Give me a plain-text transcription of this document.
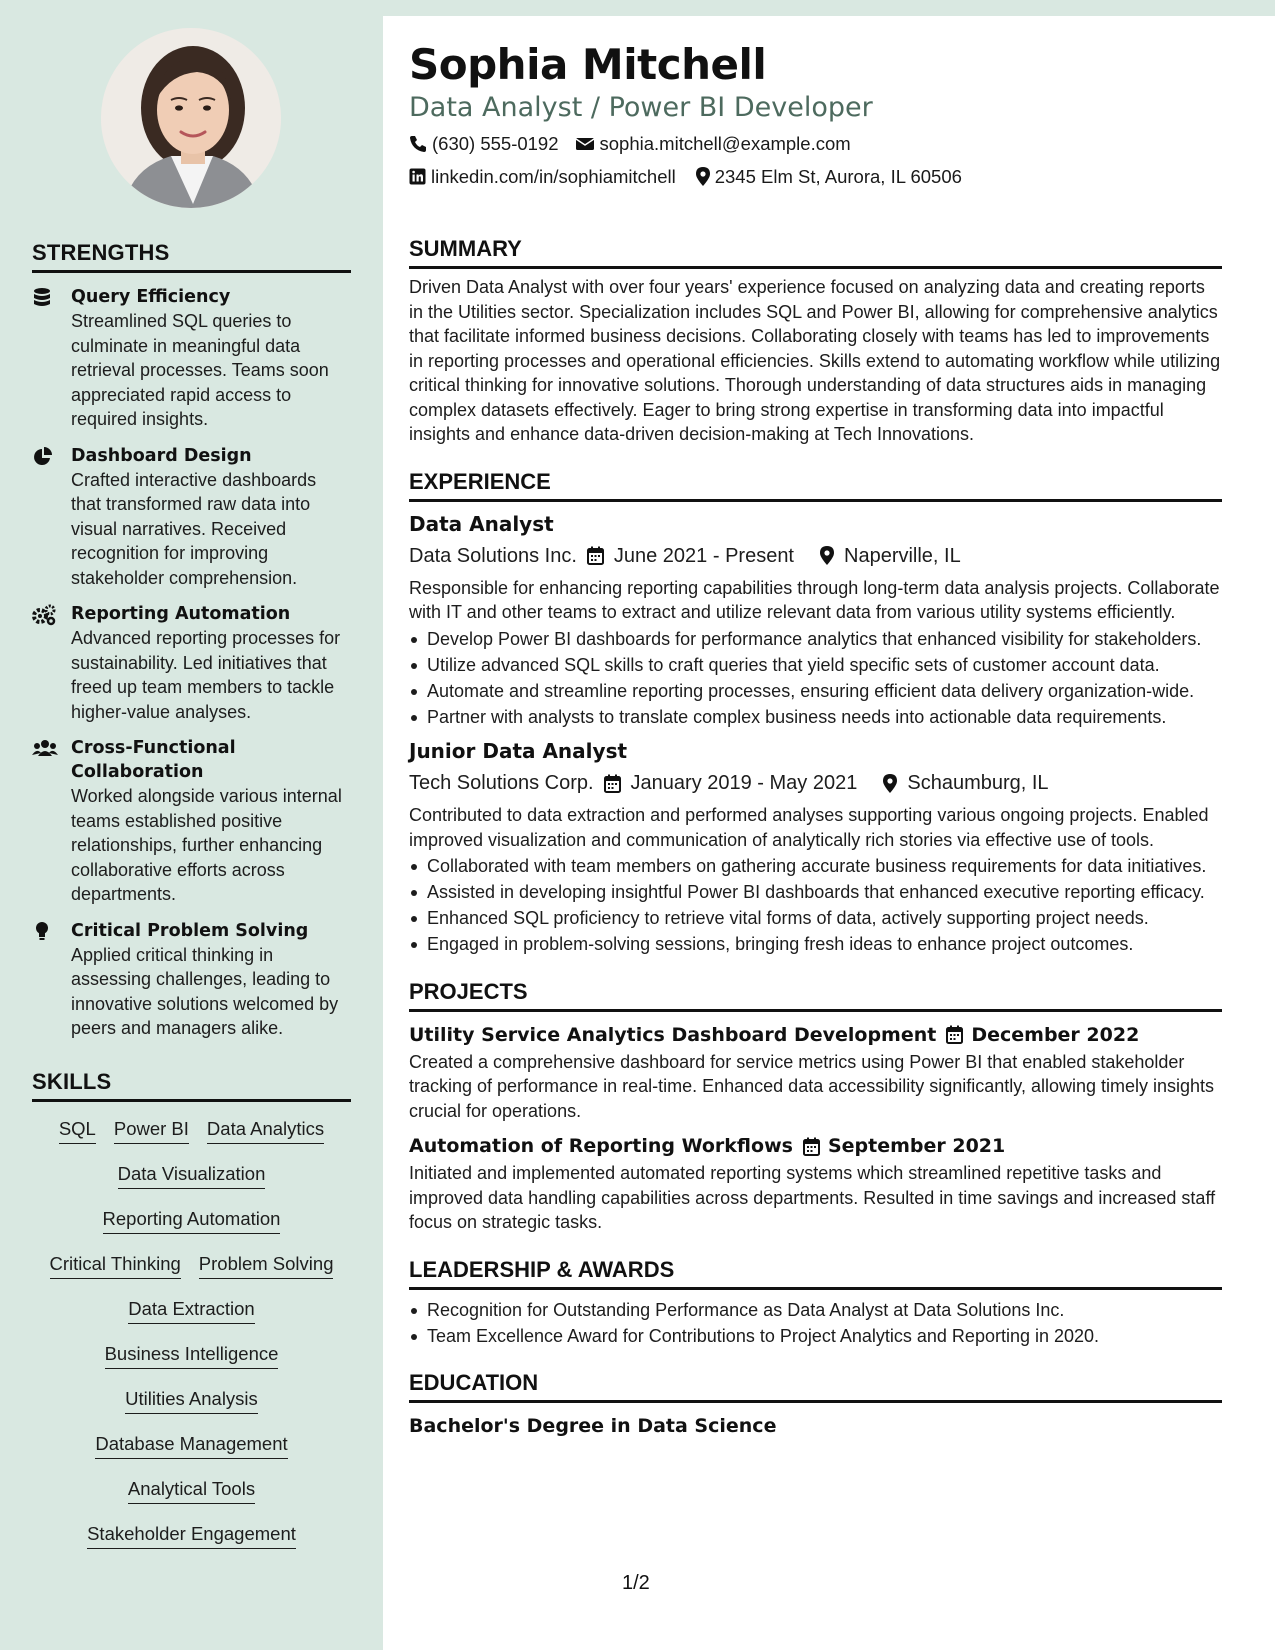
STRENGTHS
Query Efficiency
Streamlined SQL queries to culminate in meaningful data retrieval processes. Teams soon appreciated rapid access to required insights.
Dashboard Design
Crafted interactive dashboards that transformed raw data into visual narratives. Received recognition for improving stakeholder comprehension.
Reporting Automation
Advanced reporting processes for sustainability. Led initiatives that freed up team members to tackle higher-value analyses.
Cross-Functional Collaboration
Worked alongside various internal teams established positive relationships, further enhancing collaborative efforts across departments.
Critical Problem Solving
Applied critical thinking in assessing challenges, leading to innovative solutions welcomed by peers and managers alike.
SKILLS
SQL Power BI Data Analytics
Data Visualization
Reporting Automation
Critical Thinking Problem Solving
Data Extraction
Business Intelligence
Utilities Analysis
Database Management
Analytical Tools
Stakeholder Engagement
Sophia Mitchell
Data Analyst / Power BI Developer
(630) 555-0192 sophia.mitchell@example.com
linkedin.com/in/sophiamitchell 2345 Elm St, Aurora, IL 60506
SUMMARY
Driven Data Analyst with over four years' experience focused on analyzing data and creating reports in the Utilities sector. Specialization includes SQL and Power BI, allowing for comprehensive analytics that facilitate informed business decisions. Collaborating closely with teams has led to improvements in reporting processes and operational efficiencies. Skills extend to automating workflow while utilizing critical thinking for innovative solutions. Thorough understanding of data structures aids in managing complex datasets effectively. Eager to bring strong expertise in transforming data into impactful insights and enhance data-driven decision-making at Tech Innovations.
EXPERIENCE
Data Analyst
Data Solutions Inc. June 2021 - Present	Naperville, IL
Responsible for enhancing reporting capabilities through long-term data analysis projects. Collaborate with IT and other teams to extract and utilize relevant data from various utility systems efficiently.
Develop Power BI dashboards for performance analytics that enhanced visibility for stakeholders.
Utilize advanced SQL skills to craft queries that yield specific sets of customer account data.
Automate and streamline reporting processes, ensuring efficient data delivery organization-wide.
Partner with analysts to translate complex business needs into actionable data requirements.
Junior Data Analyst
Tech Solutions Corp. January 2019 - May 2021	Schaumburg, IL
Contributed to data extraction and performed analyses supporting various ongoing projects. Enabled improved visualization and communication of analytically rich stories via effective use of tools.
Collaborated with team members on gathering accurate business requirements for data initiatives.
Assisted in developing insightful Power BI dashboards that enhanced executive reporting efficacy.
Enhanced SQL proficiency to retrieve vital forms of data, actively supporting project needs.
Engaged in problem-solving sessions, bringing fresh ideas to enhance project outcomes.
PROJECTS
Utility Service Analytics Dashboard Development December 2022
Created a comprehensive dashboard for service metrics using Power BI that enabled stakeholder tracking of performance in real-time. Enhanced data accessibility significantly, allowing timely insights crucial for operations.
Automation of Reporting Workflows September 2021
Initiated and implemented automated reporting systems which streamlined repetitive tasks and improved data handling capabilities across departments. Resulted in time savings and increased staff focus on strategic tasks.
LEADERSHIP & AWARDS
Recognition for Outstanding Performance as Data Analyst at Data Solutions Inc.
Team Excellence Award for Contributions to Project Analytics and Reporting in 2020.
EDUCATION
Bachelor's Degree in Data Science
1/2
